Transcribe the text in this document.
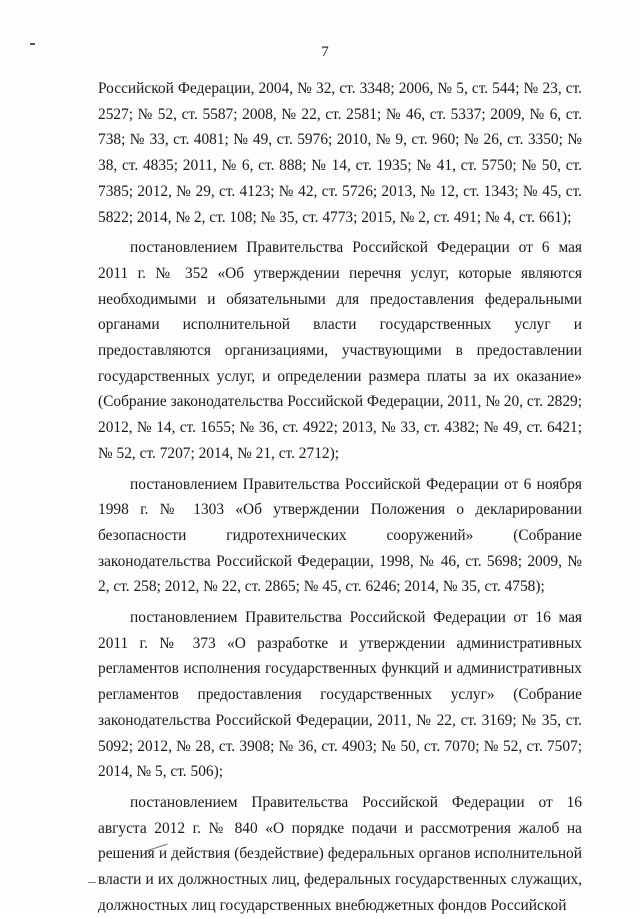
7

Российской Федерации, 2004, № 32, ст. 3348; 2006, № 5, ст. 544; № 23, ст. 2527; № 52, ст. 5587; 2008, № 22, ст. 2581; № 46, ст. 5337; 2009, № 6, ст. 738; № 33, ст. 4081; № 49, ст. 5976; 2010, № 9, ст. 960; № 26, ст. 3350; № 38, ст. 4835; 2011, № 6, ст. 888; № 14, ст. 1935; № 41, ст. 5750; № 50, ст. 7385; 2012, № 29, ст. 4123; № 42, ст. 5726; 2013, № 12, ст. 1343; № 45, ст. 5822; 2014, № 2, ст. 108; № 35, ст. 4773; 2015, № 2, ст. 491; № 4, ст. 661);

постановлением Правительства Российской Федерации от 6 мая 2011 г. № 352 «Об утверждении перечня услуг, которые являются необходимыми и обязательными для предоставления федеральными органами исполнительной власти государственных услуг и предоставляются организациями, участвующими в предоставлении государственных услуг, и определении размера платы за их оказание» (Собрание законодательства Российской Федерации, 2011, № 20, ст. 2829; 2012, № 14, ст. 1655; № 36, ст. 4922; 2013, № 33, ст. 4382; № 49, ст. 6421; № 52, ст. 7207; 2014, № 21, ст. 2712);

постановлением Правительства Российской Федерации от 6 ноября 1998 г. № 1303 «Об утверждении Положения о декларировании безопасности гидротехнических сооружений» (Собрание законодательства Российской Федерации, 1998, № 46, ст. 5698; 2009, № 2, ст. 258; 2012, № 22, ст. 2865; № 45, ст. 6246; 2014, № 35, ст. 4758);

постановлением Правительства Российской Федерации от 16 мая 2011 г. № 373 «О разработке и утверждении административных регламентов исполнения государственных функций и административных регламентов предоставления государственных услуг» (Собрание законодательства Российской Федерации, 2011, № 22, ст. 3169; № 35, ст. 5092; 2012, № 28, ст. 3908; № 36, ст. 4903; № 50, ст. 7070; № 52, ст. 7507; 2014, № 5, ст. 506);

постановлением Правительства Российской Федерации от 16 августа 2012 г. № 840 «О порядке подачи и рассмотрения жалоб на решения и действия (бездействие) федеральных органов исполнительной власти и их должностных лиц, федеральных государственных служащих, должностных лиц государственных внебюджетных фондов Российской
